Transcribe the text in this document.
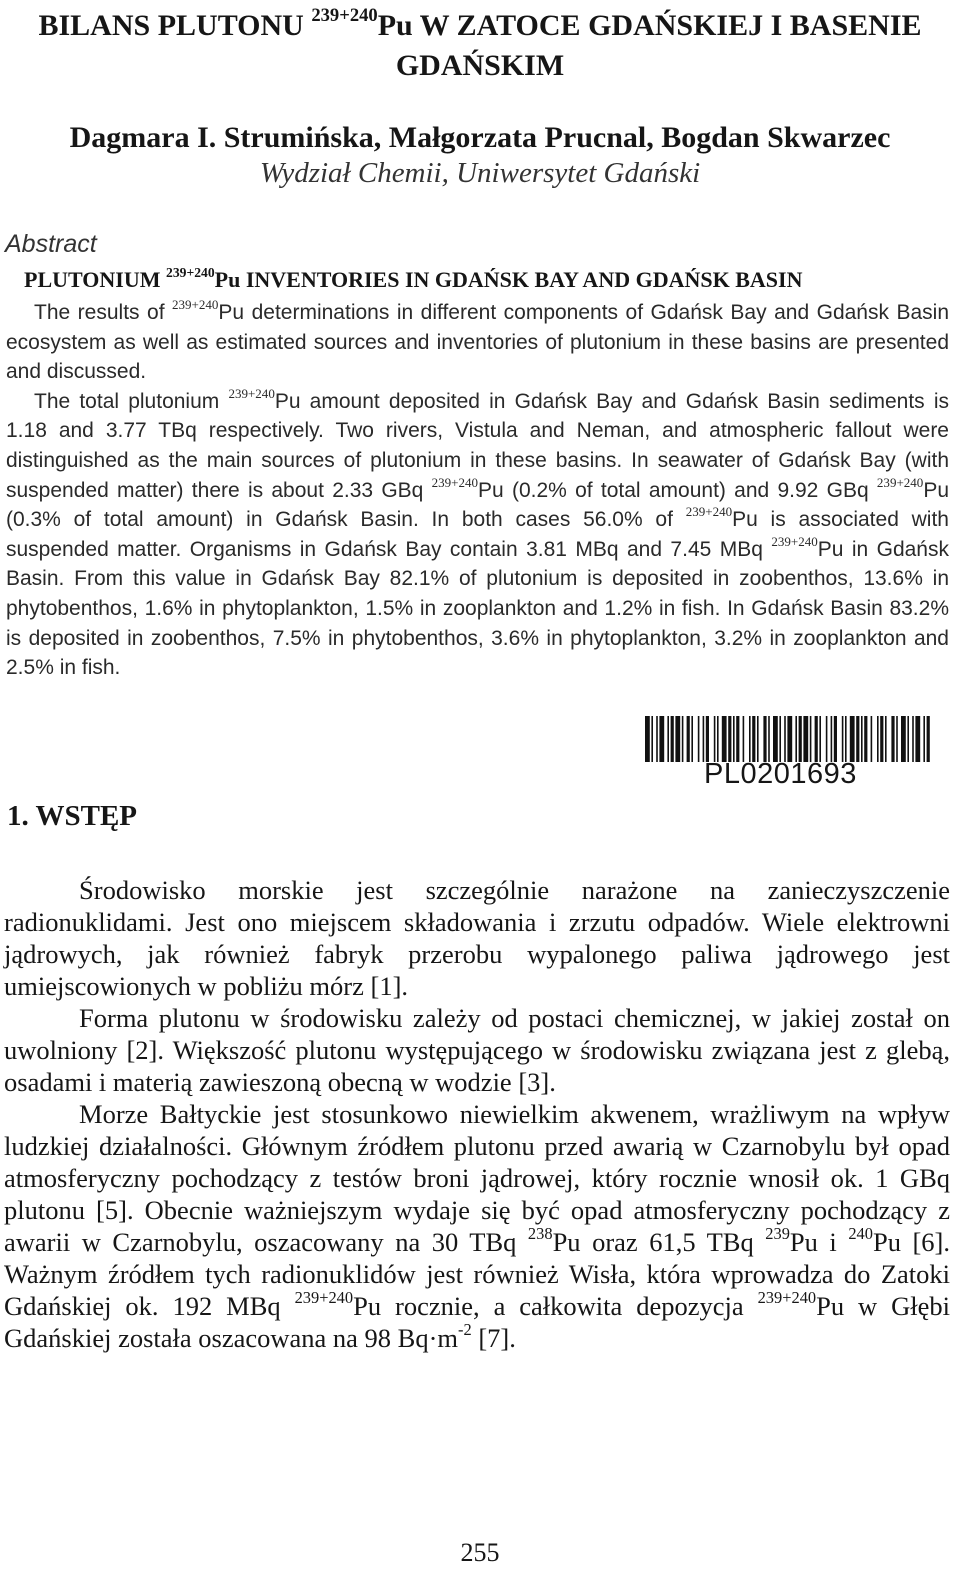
BILANS PLUTONU $^{239+240}$Pu W ZATOCE GDAŃSKIEJ I BASENIE GDAŃSKIM
Dagmara I. Strumińska, Małgorzata Prucnal, Bogdan Skwarzec
Wydział Chemii, Uniwersytet Gdański
Abstract
PLUTONIUM $^{239+240}$Pu INVENTORIES IN GDAŃSK BAY AND GDAŃSK BASIN

The results of $^{239+240}$Pu determinations in different components of Gdańsk Bay and Gdańsk Basin ecosystem as well as estimated sources and inventories of plutonium in these basins are presented and discussed.

The total plutonium $^{239+240}$Pu amount deposited in Gdańsk Bay and Gdańsk Basin sediments is 1.18 and 3.77 TBq respectively. Two rivers, Vistula and Neman, and atmospheric fallout were distinguished as the main sources of plutonium in these basins. In seawater of Gdańsk Bay (with suspended matter) there is about 2.33 GBq $^{239+240}$Pu (0.2% of total amount) and 9.92 GBq $^{239+240}$Pu (0.3% of total amount) in Gdańsk Basin. In both cases 56.0% of $^{239+240}$Pu is associated with suspended matter. Organisms in Gdańsk Bay contain 3.81 MBq and 7.45 MBq $^{239+240}$Pu in Gdańsk Basin. From this value in Gdańsk Bay 82.1% of plutonium is deposited in zoobenthos, 13.6% in phytobenthos, 1.6% in phytoplankton, 1.5% in zooplankton and 1.2% in fish. In Gdańsk Basin 83.2% is deposited in zoobenthos, 7.5% in phytobenthos, 3.6% in phytoplankton, 3.2% in zooplankton and 2.5% in fish.

PL0201693
1. WSTĘP

Środowisko morskie jest szczególnie narażone na zanieczyszczenie radionuklidami. Jest ono miejscem składowania i zrzutu odpadów. Wiele elektrowni jądrowych, jak również fabryk przerobu wypalonego paliwa jądrowego jest umiejscowionych w pobliżu mórz [1].

Forma plutonu w środowisku zależy od postaci chemicznej, w jakiej został on uwolniony [2]. Większość plutonu występującego w środowisku związana jest z glebą, osadami i materią zawieszoną obecną w wodzie [3].

Morze Bałtyckie jest stosunkowo niewielkim akwenem, wrażliwym na wpływ ludzkiej działalności. Głównym źródłem plutonu przed awarią w Czarnobylu był opad atmosferyczny pochodzący z testów broni jądrowej, który rocznie wnosił ok. 1 GBq plutonu [5]. Obecnie ważniejszym wydaje się być opad atmosferyczny pochodzący z awarii w Czarnobylu, oszacowany na 30 TBq $^{238}$Pu oraz 61,5 TBq $^{239}$Pu i $^{240}$Pu [6]. Ważnym źródłem tych radionuklidów jest również Wisła, która wprowadza do Zatoki Gdańskiej ok. 192 MBq $^{239+240}$Pu rocznie, a całkowita depozycja $^{239+240}$Pu w Głębi Gdańskiej została oszacowana na 98 $Bq\cdot m^{-2}$ [7].

255
